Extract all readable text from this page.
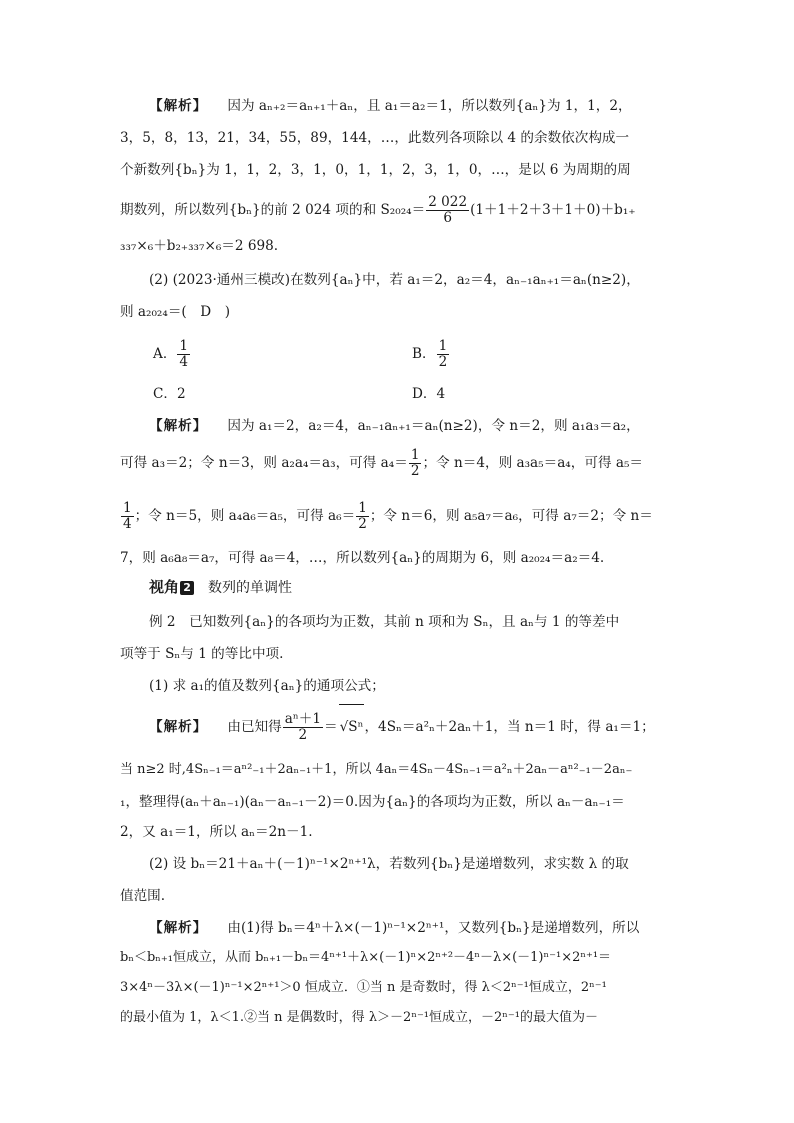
【解析】 因为 aₙ₊₂＝aₙ₊₁＋aₙ，且 a₁＝a₂＝1，所以数列{aₙ}为 1，1，2，
3，5，8，13，21，34，55，89，144，…，此数列各项除以 4 的余数依次构成一
个新数列{bₙ}为 1，1，2，3，1，0，1，1，2，3，1，0，…，是以 6 为周期的周
期数列，所以数列{bₙ}的前 2 024 项的和 $S_{2024}= \frac{2 022}{6} (1+1+2+3+1+0)+b_{1+}$
₃₃₇×₆＋b₂₊₃₃₇×₆＝2 698.
(2) (2023·通州三模改)在数列{aₙ}中，若 a₁＝2，a₂＝4，aₙ₋₁aₙ₊₁＝aₙ(n≥2)，
则 a₂₀₂₄＝(　D　)
A． $\frac{1}{4}$	B． $\frac{1}{2}$
C．2	D．4
【解析】 因为 a₁＝2，a₂＝4，aₙ₋₁aₙ₊₁＝aₙ(n≥2)，令 n＝2，则 a₁a₃＝a₂，
可得 a₃＝2；令 n＝3，则 a₂a₄＝a₃，可得 $a_4= \frac{1}{2}$ ；令 n＝4，则 a₃a₅＝a₄，可得 a₅＝
$\frac{1}{4}$ ；令 n＝5，则 a₄a₆＝a₅，可得 $a_6= \frac{1}{2}$ ；令 n＝6，则 a₅a₇＝a₆，可得 a₇＝2；令 n＝
7，则 a₆a₈＝a₇，可得 a₈＝4，…，所以数列{aₙ}的周期为 6，则 a₂₀₂₄＝a₂＝4.
视角 2 数列的单调性
例 2　已知数列{aₙ}的各项均为正数，其前 n 项和为 Sₙ，且 aₙ与 1 的等差中
项等于 Sₙ与 1 的等比中项.
(1) 求 a₁的值及数列{aₙ}的通项公式；
【解析】 由已知得 $\frac{\text{aⁿ＋1}}{2} = √S^n$，4Sₙ＝a²ₙ＋2aₙ＋1，当 n＝1 时，得 a₁＝1；
当 n≥2 时,4Sₙ₋₁＝aⁿ²₋₁＋2aₙ₋₁＋1，所以 4aₙ＝4Sₙ－4Sₙ₋₁＝a²ₙ＋2aₙ－aⁿ²₋₁－2aₙ₋
₁，整理得(aₙ＋aₙ₋₁)(aₙ－aₙ₋₁－2)＝0.因为{aₙ}的各项均为正数，所以 aₙ－aₙ₋₁＝
2，又 a₁＝1，所以 aₙ＝2n－1.
(2) 设 bₙ＝21＋aₙ＋(－1)ⁿ⁻¹×2ⁿ⁺¹λ，若数列{bₙ}是递增数列，求实数 λ 的取
值范围.
【解析】 由(1)得 bₙ＝4ⁿ＋λ×(－1)ⁿ⁻¹×2ⁿ⁺¹，又数列{bₙ}是递增数列，所以
bₙ＜bₙ₊₁恒成立，从而 bₙ₊₁－bₙ＝4ⁿ⁺¹＋λ×(－1)ⁿ×2ⁿ⁺²－4ⁿ－λ×(－1)ⁿ⁻¹×2ⁿ⁺¹＝
3×4ⁿ－3λ×(－1)ⁿ⁻¹×2ⁿ⁺¹＞0 恒成立．①当 n 是奇数时，得 λ＜2ⁿ⁻¹恒成立，2ⁿ⁻¹
的最小值为 1，λ＜1.②当 n 是偶数时，得 λ＞－2ⁿ⁻¹恒成立，－2ⁿ⁻¹的最大值为－
